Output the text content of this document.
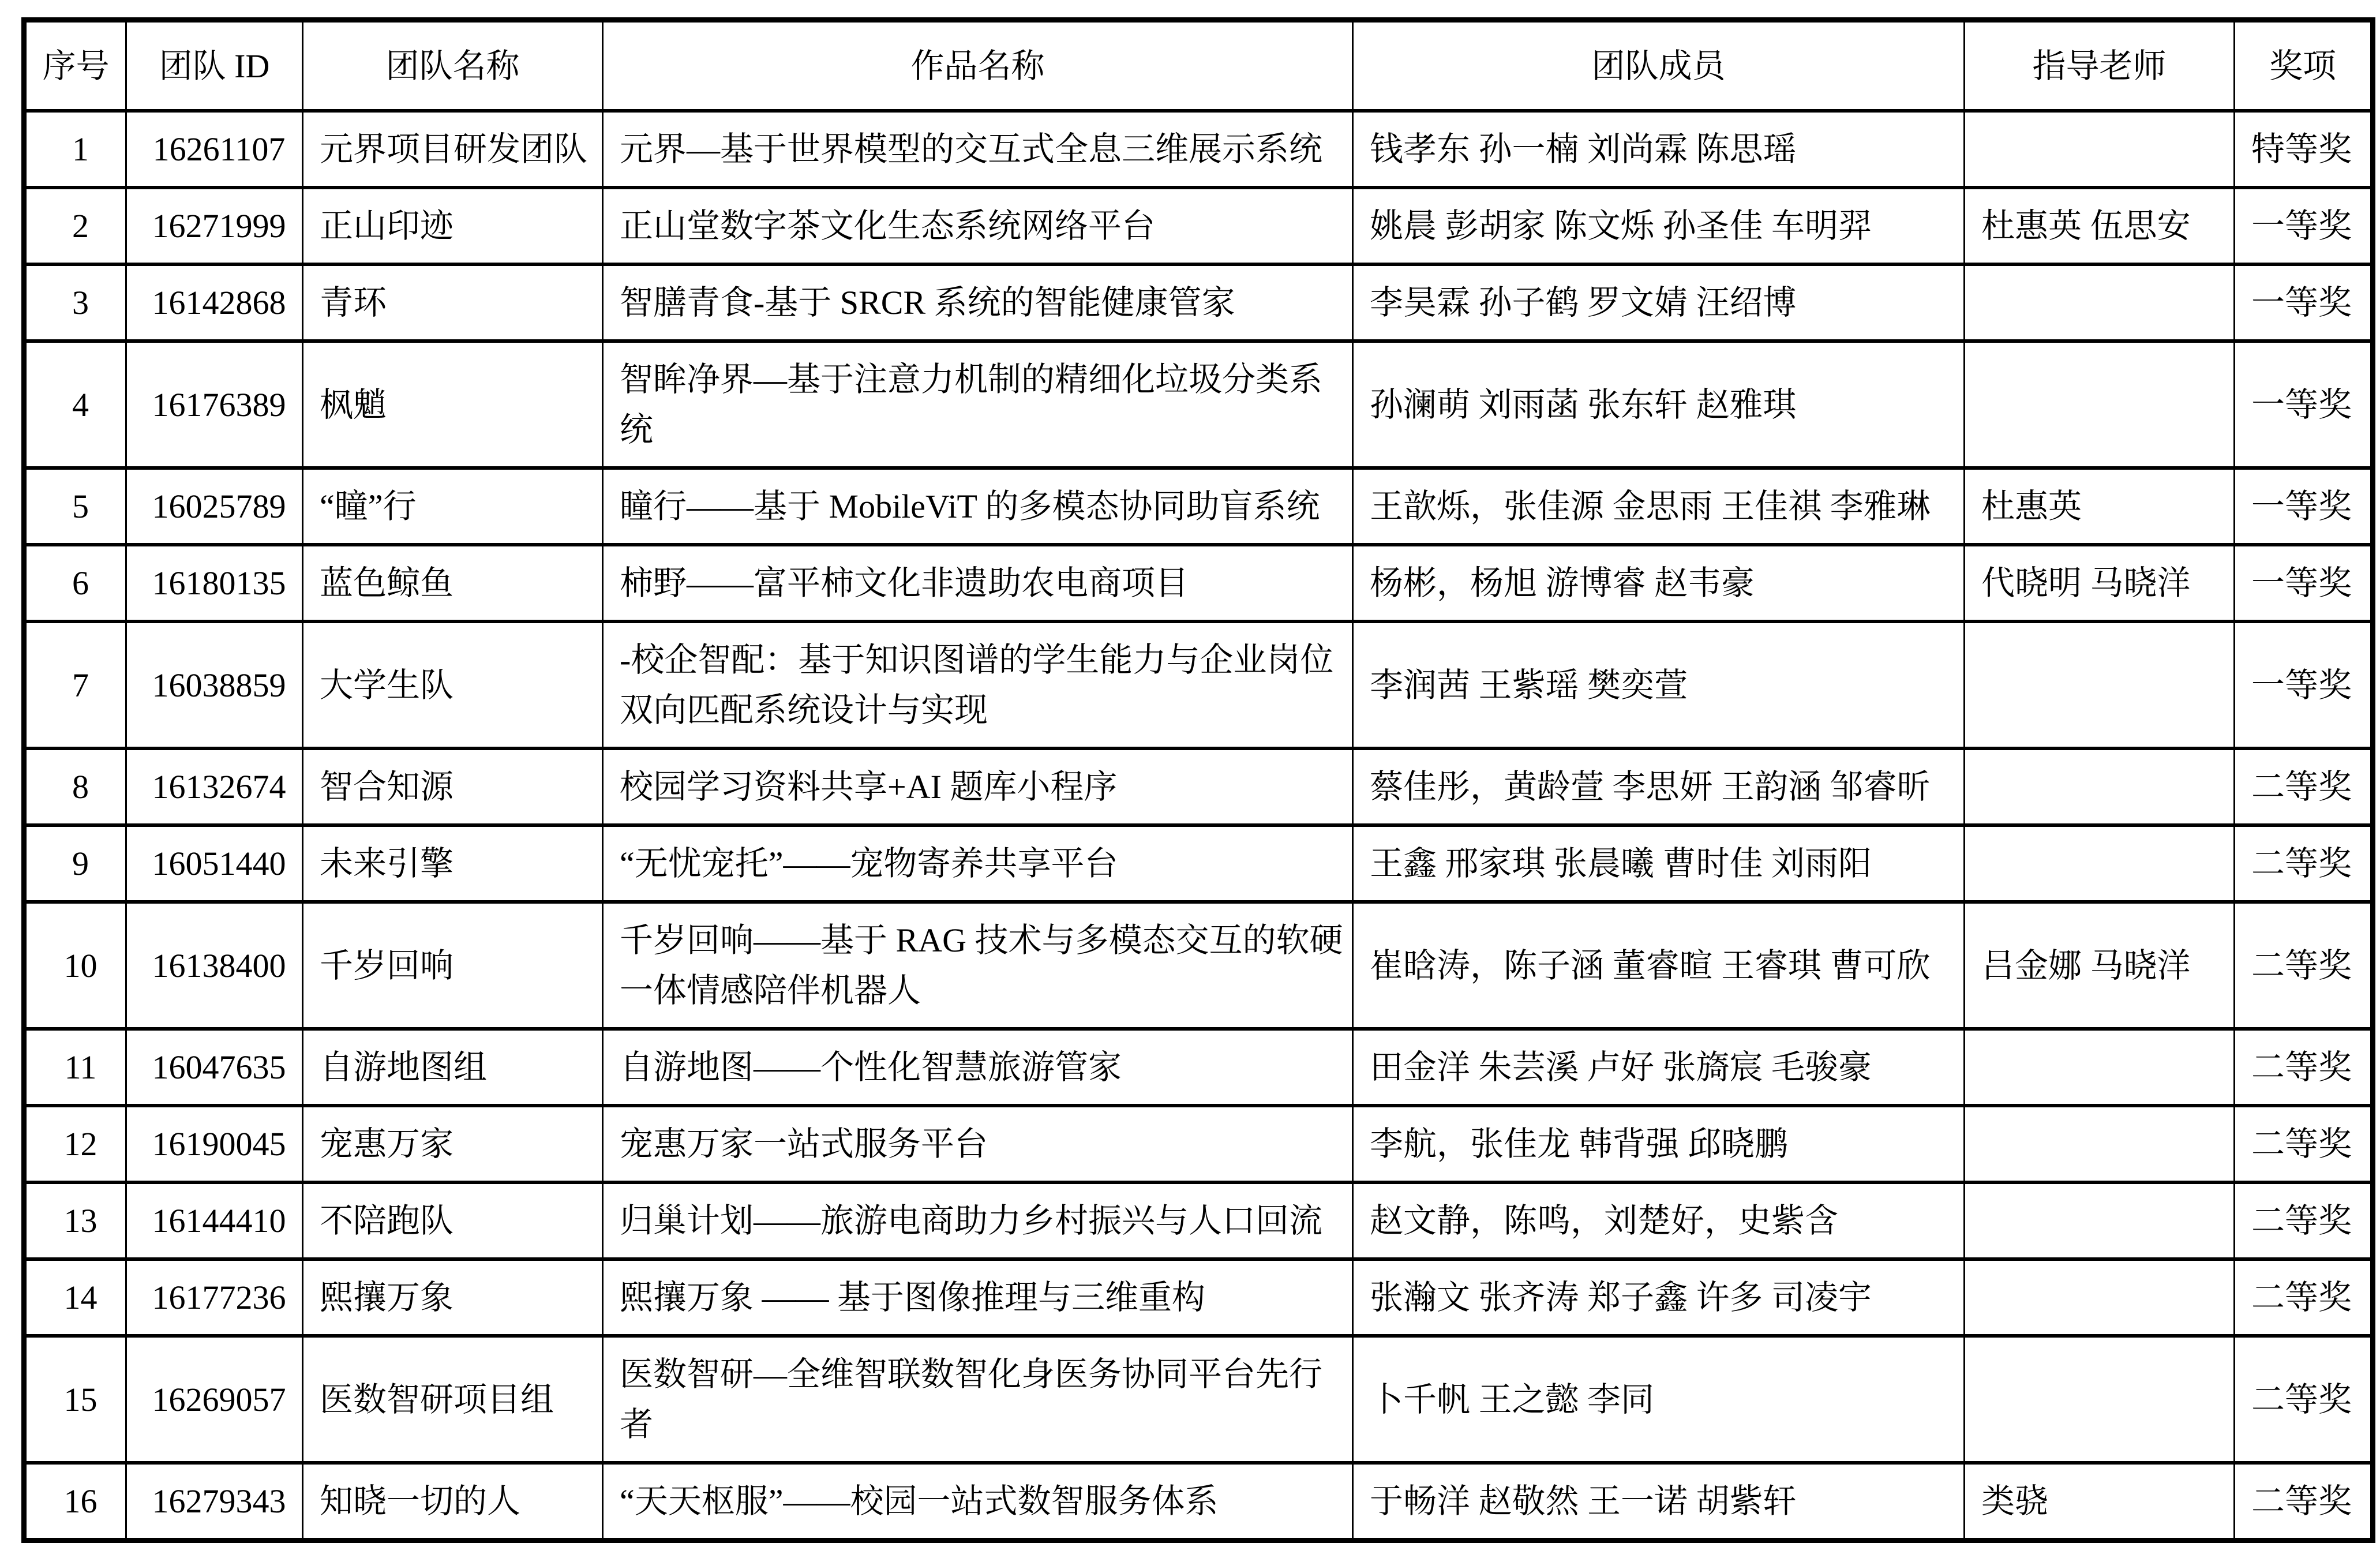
序号	团队 ID	团队名称	作品名称	团队成员	指导老师	奖项
1	16261107	元界项目研发团队	元界—基于世界模型的交互式全息三维展示系统	钱孝东 孙一楠 刘尚霖 陈思瑶		特等奖
2	16271999	正山印迹	正山堂数字茶文化生态系统网络平台	姚晨 彭胡家 陈文烁 孙圣佳 车明羿	杜惠英 伍思安	一等奖
3	16142868	青环	智膳青食-基于 SRCR 系统的智能健康管家	李昊霖 孙子鹤 罗文婧 汪绍博		一等奖
4	16176389	枫魈	智眸净界—基于注意力机制的精细化垃圾分类系统	孙澜萌 刘雨菡 张东轩 赵雅琪		一等奖
5	16025789	“瞳”行	瞳行——基于 MobileViT 的多模态协同助盲系统	王歆烁，张佳源 金思雨 王佳祺 李雅琳	杜惠英	一等奖
6	16180135	蓝色鲸鱼	柿野——富平柿文化非遗助农电商项目	杨彬，杨旭 游博睿 赵韦豪	代晓明 马晓洋	一等奖
7	16038859	大学生队	-校企智配：基于知识图谱的学生能力与企业岗位双向匹配系统设计与实现	李润茜 王紫瑶 樊奕萱		一等奖
8	16132674	智合知源	校园学习资料共享+AI 题库小程序	蔡佳彤，黄龄萱 李思妍 王韵涵 邹睿昕		二等奖
9	16051440	未来引擎	“无忧宠托”——宠物寄养共享平台	王鑫 邢家琪 张晨曦 曹时佳 刘雨阳		二等奖
10	16138400	千岁回响	千岁回响——基于 RAG 技术与多模态交互的软硬一体情感陪伴机器人	崔晗涛，陈子涵 董睿暄 王睿琪 曹可欣	吕金娜 马晓洋	二等奖
11	16047635	自游地图组	自游地图——个性化智慧旅游管家	田金洋 朱芸溪 卢好 张旖宸 毛骏豪		二等奖
12	16190045	宠惠万家	宠惠万家一站式服务平台	李航，张佳龙 韩背强 邱晓鹏		二等奖
13	16144410	不陪跑队	归巢计划——旅游电商助力乡村振兴与人口回流	赵文静，陈鸣，刘楚好，史紫含		二等奖
14	16177236	熙攘万象	熙攘万象 —— 基于图像推理与三维重构	张瀚文 张齐涛 郑子鑫 许多 司凌宇		二等奖
15	16269057	医数智研项目组	医数智研—全维智联数智化身医务协同平台先行者	卜千帆 王之懿 李同		二等奖
16	16279343	知晓一切的人	“天天枢服”——校园一站式数智服务体系	于畅洋 赵敬然 王一诺 胡紫轩	类骁	二等奖
